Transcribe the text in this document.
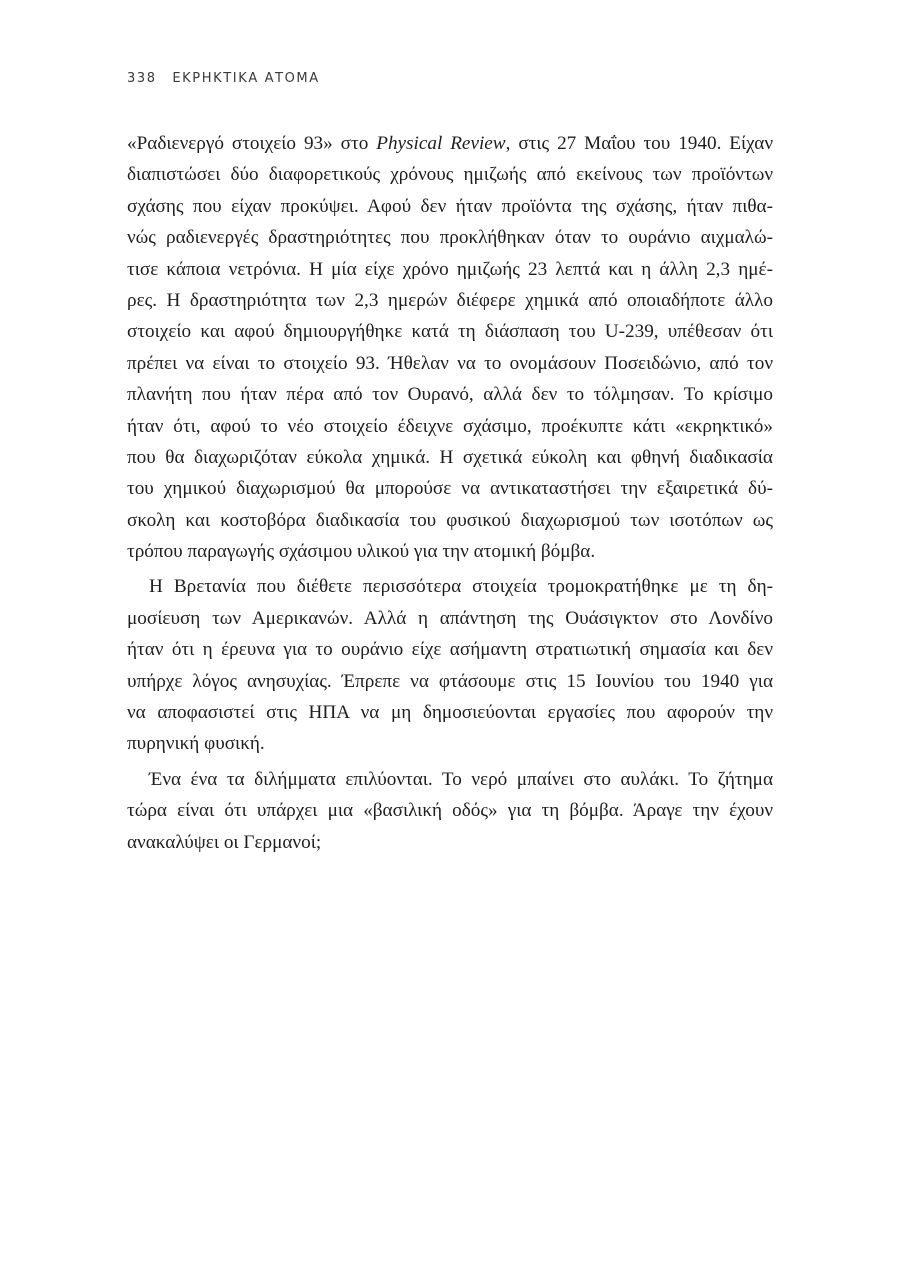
338 ΕΚΡΗΚΤΙΚΑ ΑΤΟΜΑ
«Ραδιενεργό στοιχείο 93» στο Physical Review, στις 27 Μαΐου του 1940. Είχαν
διαπιστώσει δύο διαφορετικούς χρόνους ημιζωής από εκείνους των προϊόντων
σχάσης που είχαν προκύψει. Αφού δεν ήταν προϊόντα της σχάσης, ήταν πιθα-
νώς ραδιενεργές δραστηριότητες που προκλήθηκαν όταν το ουράνιο αιχμαλώ-
τισε κάποια νετρόνια. Η μία είχε χρόνο ημιζωής 23 λεπτά και η άλλη 2,3 ημέ-
ρες. Η δραστηριότητα των 2,3 ημερών διέφερε χημικά από οποιαδήποτε άλλο
στοιχείο και αφού δημιουργήθηκε κατά τη διάσπαση του U-239, υπέθεσαν ότι
πρέπει να είναι το στοιχείο 93. Ήθελαν να το ονομάσουν Ποσειδώνιο, από τον
πλανήτη που ήταν πέρα από τον Ουρανό, αλλά δεν το τόλμησαν. Το κρίσιμο
ήταν ότι, αφού το νέο στοιχείο έδειχνε σχάσιμο, προέκυπτε κάτι «εκρηκτικό»
που θα διαχωριζόταν εύκολα χημικά. Η σχετικά εύκολη και φθηνή διαδικασία
του χημικού διαχωρισμού θα μπορούσε να αντικαταστήσει την εξαιρετικά δύ-
σκολη και κοστοβόρα διαδικασία του φυσικού διαχωρισμού των ισοτόπων ως
τρόπου παραγωγής σχάσιμου υλικού για την ατομική βόμβα.
Η Βρετανία που διέθετε περισσότερα στοιχεία τρομοκρατήθηκε με τη δη-
μοσίευση των Αμερικανών. Αλλά η απάντηση της Ουάσιγκτον στο Λονδίνο
ήταν ότι η έρευνα για το ουράνιο είχε ασήμαντη στρατιωτική σημασία και δεν
υπήρχε λόγος ανησυχίας. Έπρεπε να φτάσουμε στις 15 Ιουνίου του 1940 για
να αποφασιστεί στις ΗΠΑ να μη δημοσιεύονται εργασίες που αφορούν την
πυρηνική φυσική.
Ένα ένα τα διλήμματα επιλύονται. Το νερό μπαίνει στο αυλάκι. Το ζήτημα
τώρα είναι ότι υπάρχει μια «βασιλική οδός» για τη βόμβα. Άραγε την έχουν
ανακαλύψει οι Γερμανοί;
